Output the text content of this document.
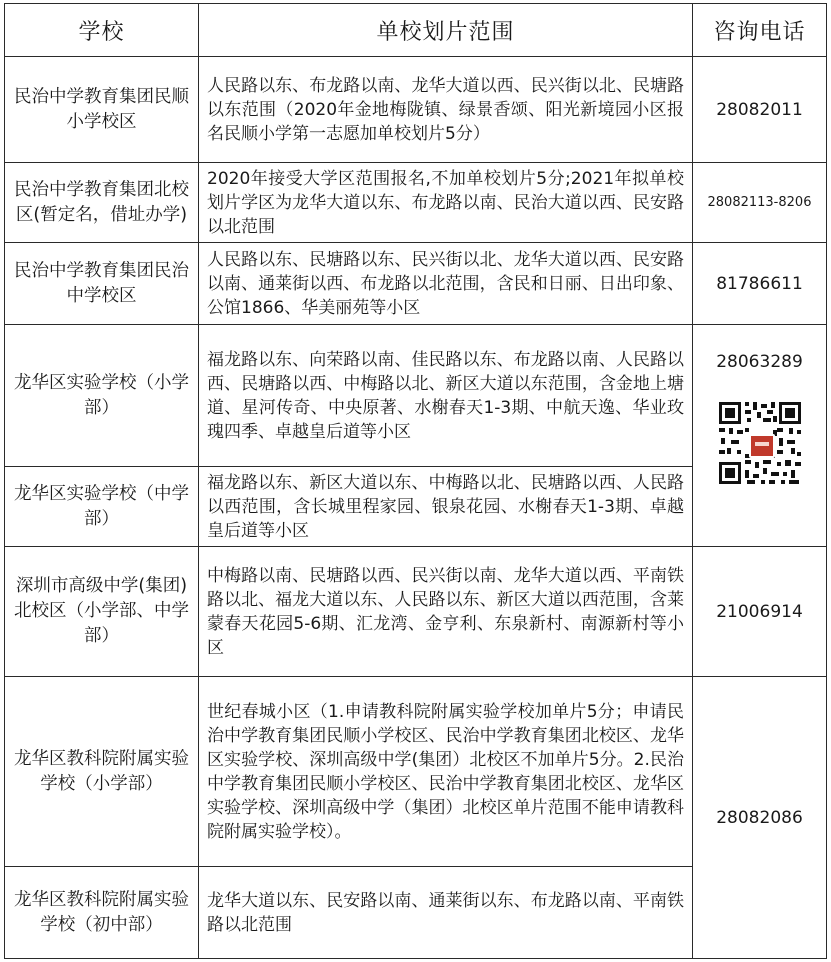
学校	单校划片范围	咨询电话
民治中学教育集团民顺小学校区	人民路以东、布龙路以南、龙华大道以西、民兴街以北、民塘路以东范围（2020年金地梅陇镇、绿景香颂、阳光新境园小区报名民顺小学第一志愿加单校划片5分）	28082011
民治中学教育集团北校区(暂定名，借址办学)	2020年接受大学区范围报名,不加单校划片5分;2021年拟单校划片学区为龙华大道以东、布龙路以南、民治大道以西、民安路以北范围	28082113-8206
民治中学教育集团民治中学校区	人民路以东、民塘路以东、民兴街以北、龙华大道以西、民安路以南、通莱街以西、布龙路以北范围，含民和日丽、日出印象、公馆1866、华美丽苑等小区	81786611
龙华区实验学校（小学部）	福龙路以东、向荣路以南、佳民路以东、布龙路以南、人民路以西、民塘路以西、中梅路以北、新区大道以东范围，含金地上塘道、星河传奇、中央原著、水榭春天1-3期、中航天逸、华业玫瑰四季、卓越皇后道等小区	28063289

龙华区实验学校（中学部）	福龙路以东、新区大道以东、中梅路以北、民塘路以西、人民路以西范围，含长城里程家园、银泉花园、水榭春天1-3期、卓越皇后道等小区	
深圳市高级中学(集团)北校区（小学部、中学部）	中梅路以南、民塘路以西、民兴街以南、龙华大道以西、平南铁路以北、福龙大道以东、人民路以东、新区大道以西范围，含莱蒙春天花园5-6期、汇龙湾、金亨利、东泉新村、南源新村等小区	21006914
龙华区教科院附属实验学校（小学部）	世纪春城小区（1.申请教科院附属实验学校加单片5分；申请民治中学教育集团民顺小学校区、民治中学教育集团北校区、龙华区实验学校、深圳高级中学(集团）北校区不加单片5分。2.民治中学教育集团民顺小学校区、民治中学教育集团北校区、龙华区实验学校、深圳高级中学（集团）北校区单片范围不能申请教科院附属实验学校）。	28082086
龙华区教科院附属实验学校（初中部）	龙华大道以东、民安路以南、通莱街以东、布龙路以南、平南铁路以北范围	
